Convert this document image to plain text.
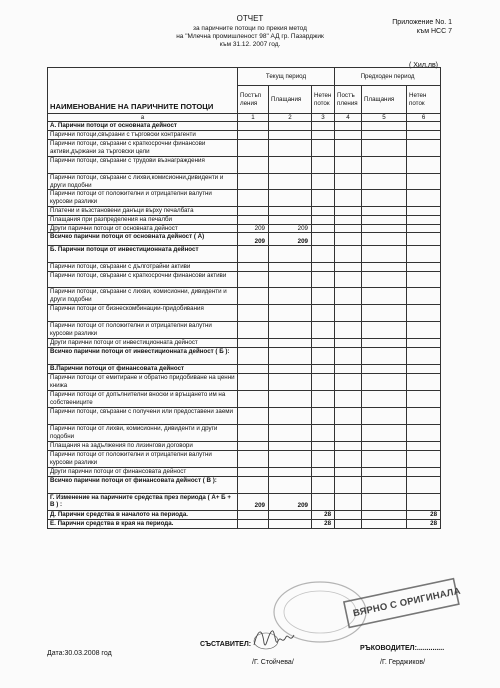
ОТЧЕТ
за паричните потоци по прекия метод
на "Млечна промишленост 98" АД гр. Пазарджик
към 31.12. 2007 год.
Приложение No. 1
към НСС 7
( Хил.лв)
НАИМЕНОВАНИЕ НА ПАРИЧНИТЕ ПОТОЦИ	Текущ период			Предходен период		
	Постъп ления	Плащания	Нетен поток	Постъ пления	Плащания	Нетен поток
а	1	2	3	4	5	6
А. Парични потоци от основната дейност						
Парични потоци,свързани с търговски контрагенти						
Парични потоци, свързани с краткосрочни финансови активи,държани за търговски цели						
Парични потоци, свързани с трудови възнаграждения						
Парични потоци, свързани с лихви,комисионни,дивиденти и други подобни						
Парични потоци от положителни и отрицателни валутни курсови разлики						
Платени и възстановени данъци върху печалбата						
Плащания при разпределения на печалби						
Други парични потоци от основната дейност	209	209				
Всичко парични потоци от основната дейност ( А)	209	209				
Б. Парични потоци от инвестиционната дейност						
Парични потоци, свързани с дълготрайни активи						
Парични потоци, свързани с краткосрочни финансови активи						
Парични потоци, свързани с лихви, комисионни, дивиденти и други подобни						
Парични потоци от бизнескомбинации-придобивания						
Парични потоци от положителни и отрицателни валутни курсови разлики						
Други парични потоци от инвестиционната дейност						
Всичко парични потоци от инвестиционната дейност ( Б ):						
В.Парични потоци от финансовата дейност						
Парични потоци от емитиране и обратно придобиване на ценни книжа						
Парични потоци от допълнителни вноски и връщането им на собствениците						
Парични потоци, свързани с получени или предоставени заеми						
Парични потоци от лихви, комисионни, дивиденти и други подобни						
Плащания на задължения по лизингови договори						
Парични потоци от положителни и отрицателни валутни курсови разлики						
Други парични потоци от финансовата дейност						
Всичко парични потоци от финансовата дейност ( В ):						
Г. Изменение на паричните средства през периода ( А+ Б + В ) :	209	209				
Д. Парични средства в началото на периода.			28			28
Е. Парични средства в края на периода.			28			28
ВЯРНО С ОРИГИНАЛА
Дата:30.03.2008 год
СЪСТАВИТЕЛ:
/Г. Стойчева/
РЪКОВОДИТЕЛ:..............
/Г. Герджиков/
